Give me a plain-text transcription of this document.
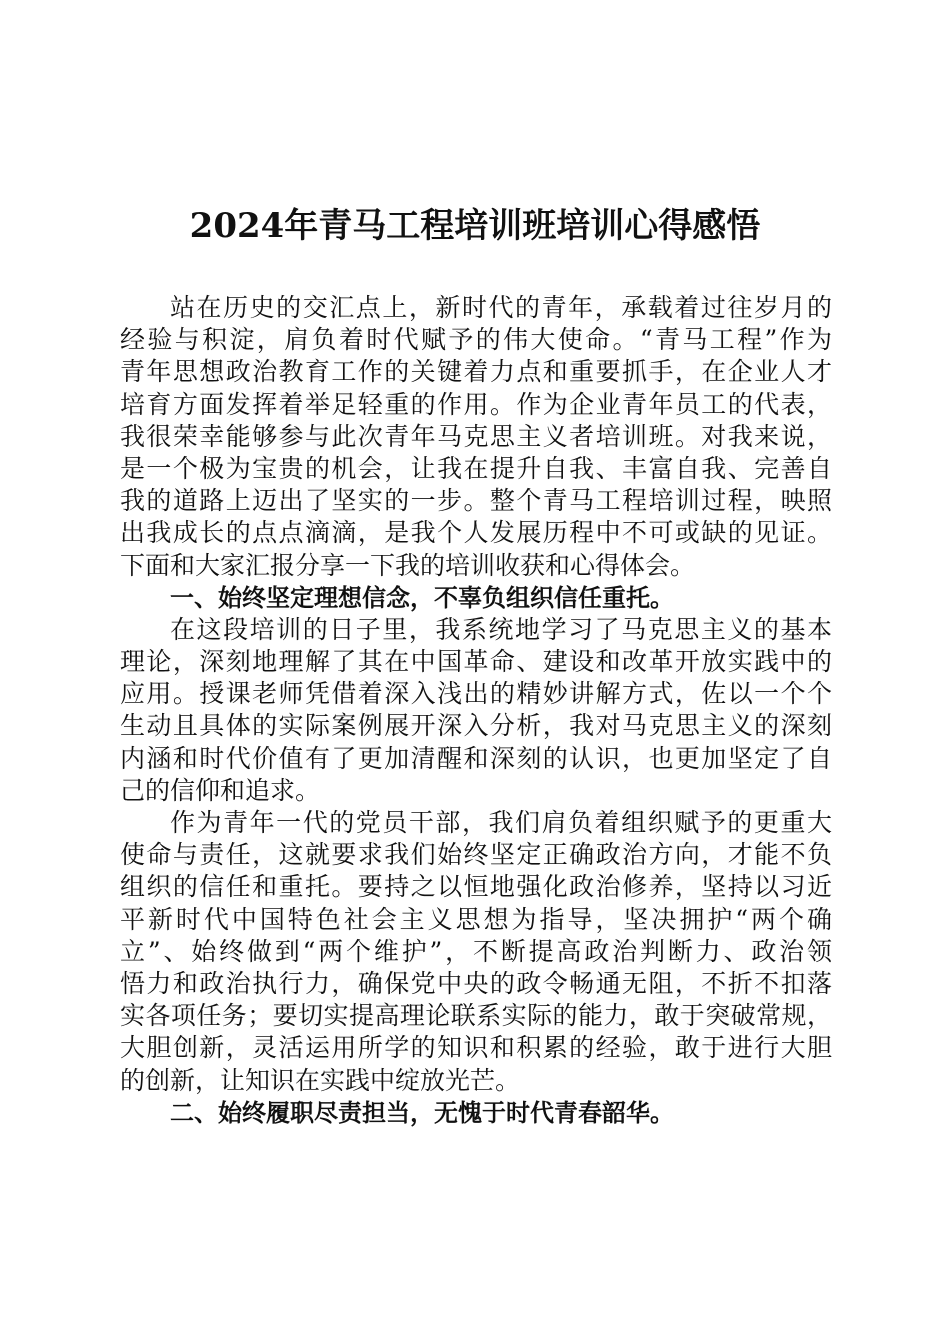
2024年青马工程培训班培训心得感悟
站在历史的交汇点上，新时代的青年，承载着过往岁月的
经验与积淀，肩负着时代赋予的伟大使命。“青马工程”作为
青年思想政治教育工作的关键着力点和重要抓手，在企业人才
培育方面发挥着举足轻重的作用。作为企业青年员工的代表，
我很荣幸能够参与此次青年马克思主义者培训班。对我来说，
是一个极为宝贵的机会，让我在提升自我、丰富自我、完善自
我的道路上迈出了坚实的一步。整个青马工程培训过程，映照
出我成长的点点滴滴，是我个人发展历程中不可或缺的见证。
下面和大家汇报分享一下我的培训收获和心得体会。
一、始终坚定理想信念，不辜负组织信任重托。
在这段培训的日子里，我系统地学习了马克思主义的基本
理论，深刻地理解了其在中国革命、建设和改革开放实践中的
应用。授课老师凭借着深入浅出的精妙讲解方式，佐以一个个
生动且具体的实际案例展开深入分析，我对马克思主义的深刻
内涵和时代价值有了更加清醒和深刻的认识，也更加坚定了自
己的信仰和追求。
作为青年一代的党员干部，我们肩负着组织赋予的更重大
使命与责任，这就要求我们始终坚定正确政治方向，才能不负
组织的信任和重托。要持之以恒地强化政治修养，坚持以习近
平新时代中国特色社会主义思想为指导，坚决拥护“两个确
立”、始终做到“两个维护”，不断提高政治判断力、政治领
悟力和政治执行力，确保党中央的政令畅通无阻，不折不扣落
实各项任务；要切实提高理论联系实际的能力，敢于突破常规，
大胆创新，灵活运用所学的知识和积累的经验，敢于进行大胆
的创新，让知识在实践中绽放光芒。
二、始终履职尽责担当，无愧于时代青春韶华。
